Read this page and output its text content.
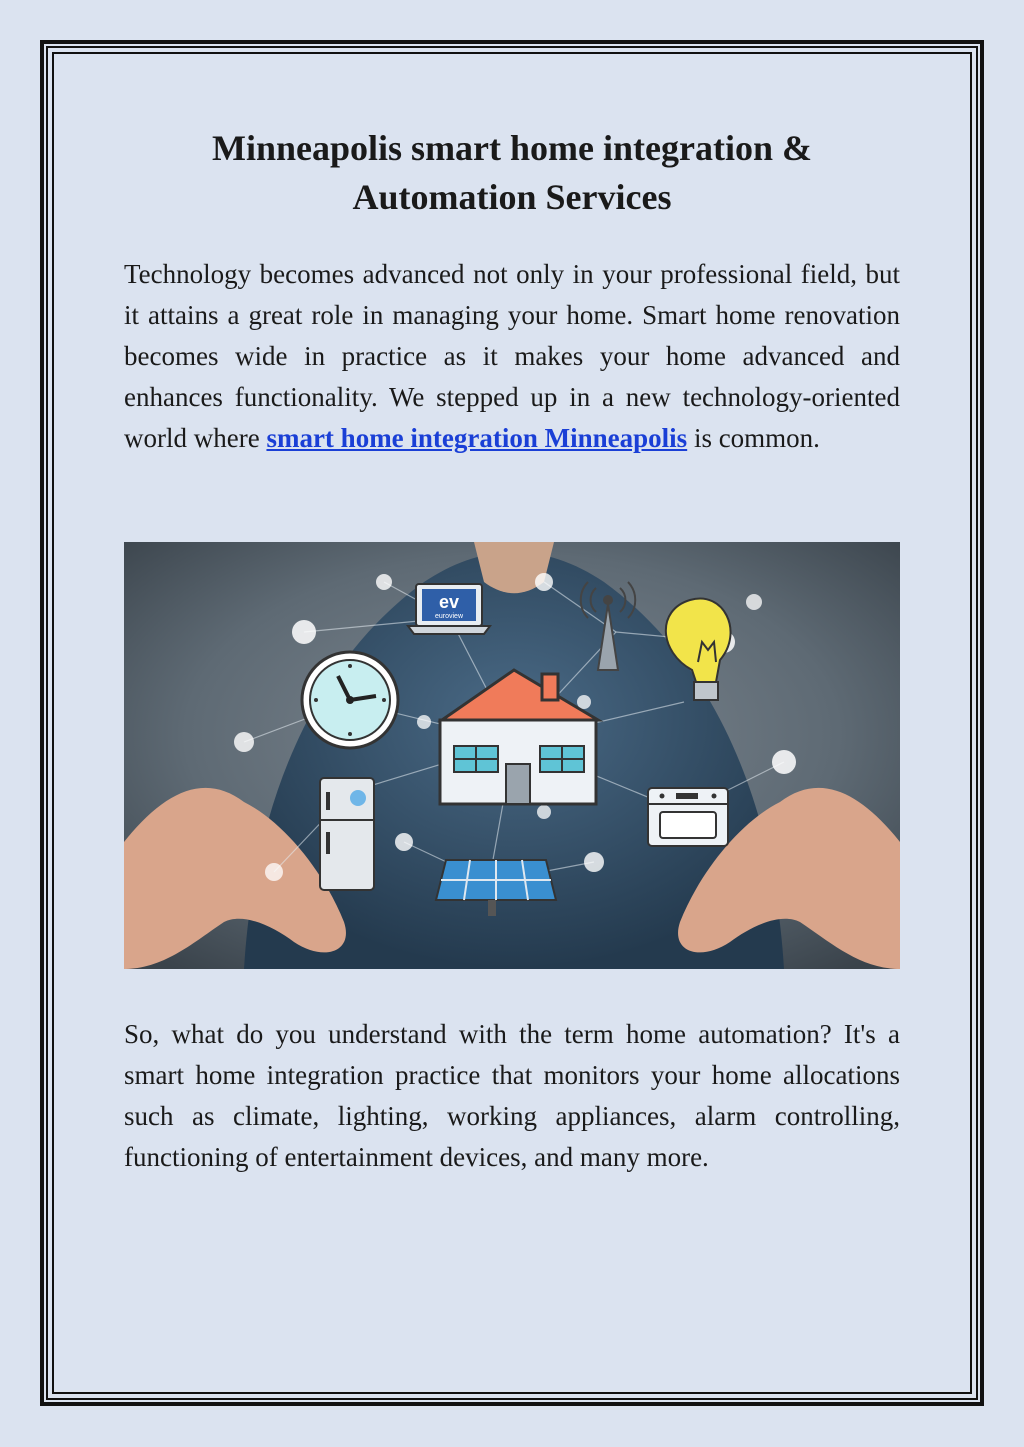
Minneapolis smart home integration &
Automation Services

Technology becomes advanced not only in your professional field, but it attains a great role in managing your home. Smart home renovation becomes wide in practice as it makes your home advanced and enhances functionality. We stepped up in a new technology-oriented world where smart home integration Minneapolis is common.

ev
euroview

So, what do you understand with the term home automation? It's a smart home integration practice that monitors your home allocations such as climate, lighting, working appliances, alarm controlling, functioning of entertainment devices, and many more.
